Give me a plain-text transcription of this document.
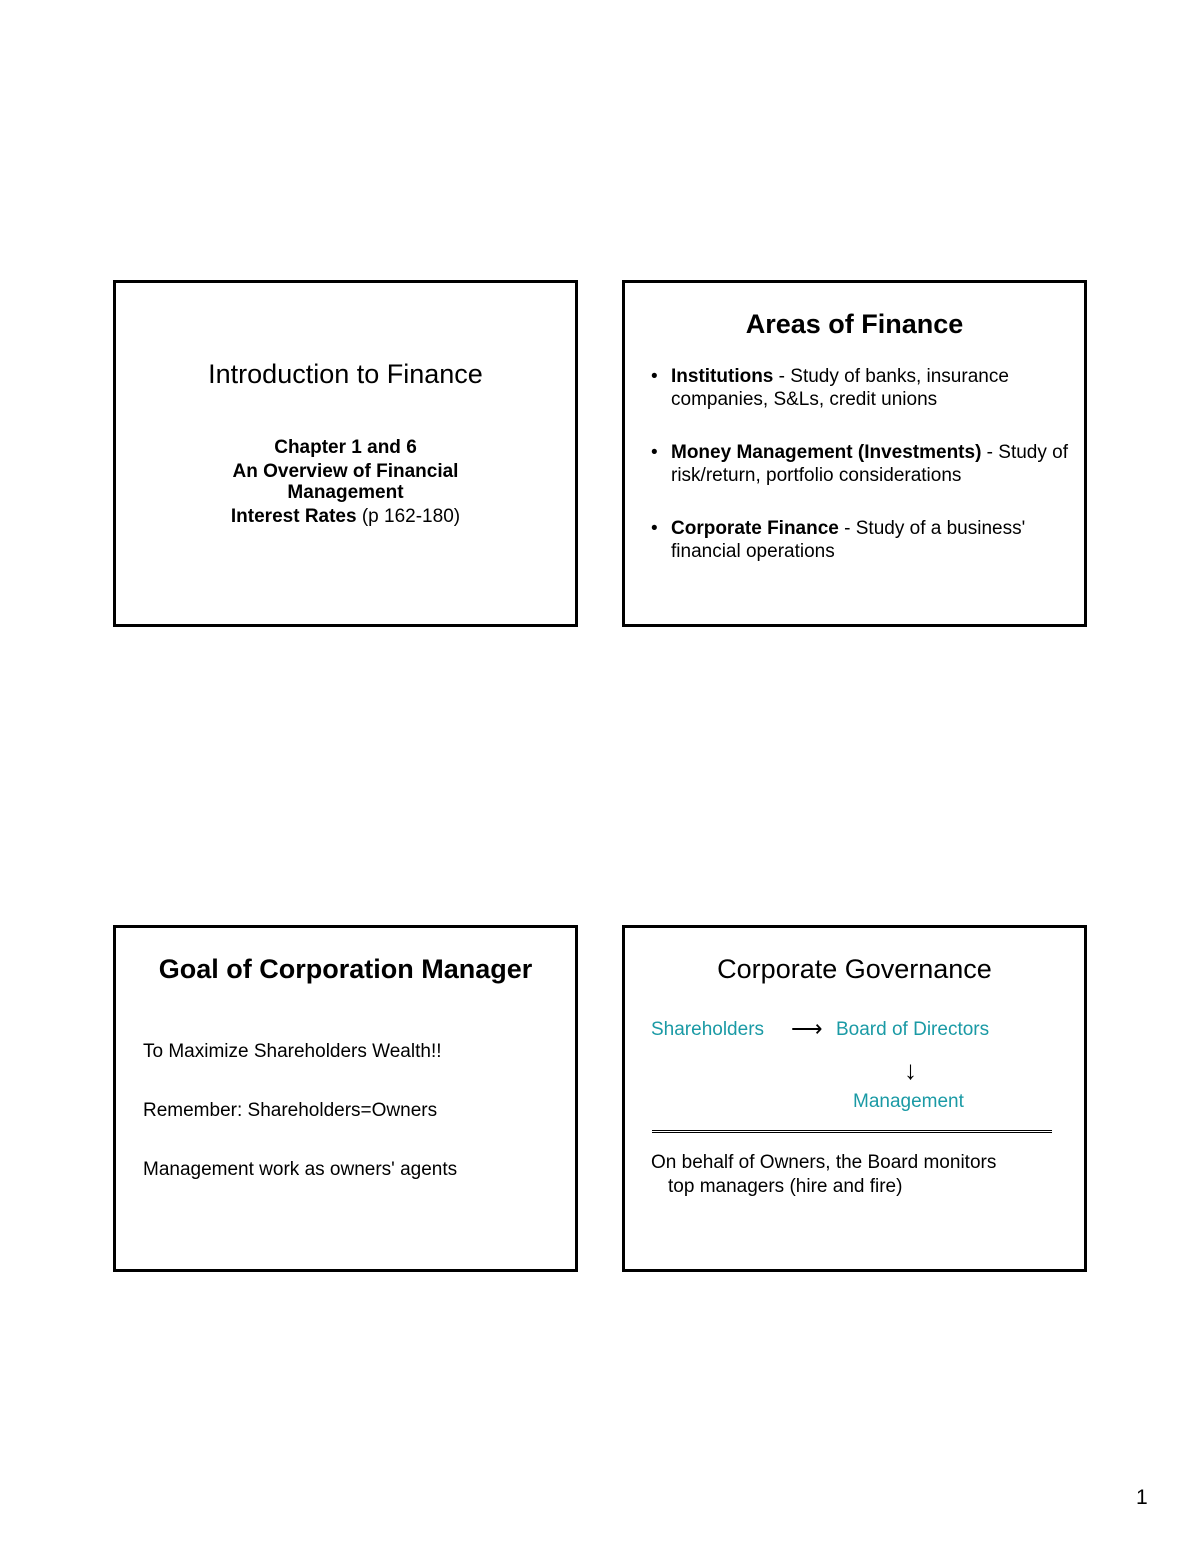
Introduction to Finance
Chapter 1 and 6
An Overview of Financial
Management
Interest Rates (p 162-180)
Areas of Finance
• Institutions - Study of banks, insurance companies, S&Ls, credit unions
• Money Management (Investments) - Study of risk/return, portfolio considerations
• Corporate Finance - Study of a business' financial operations
Goal of Corporation Manager
To Maximize Shareholders Wealth!!
Remember: Shareholders=Owners
Management work as owners' agents
Corporate Governance
Shareholders ⟶ Board of Directors
↓
Management
On behalf of Owners, the Board monitors
top managers (hire and fire)
1
